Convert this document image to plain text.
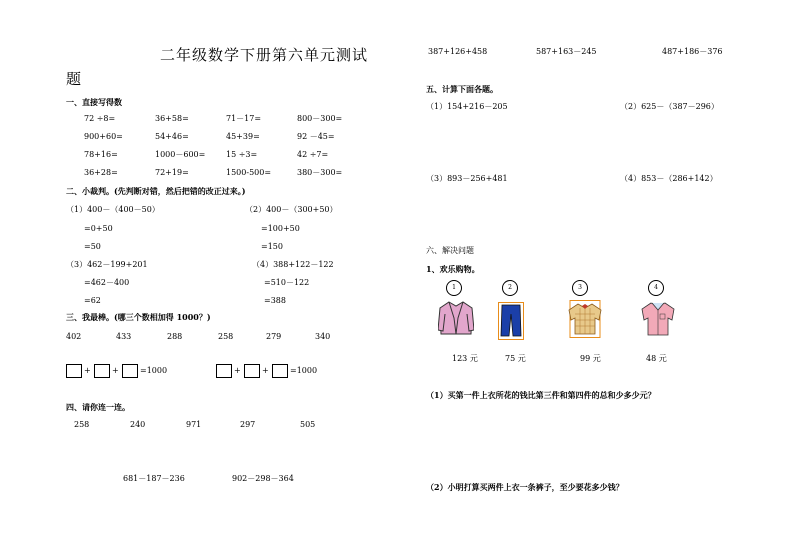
二年级数学下册第六单元测试
题
一、直接写得数
72 ÷8=	36+58=	71－17=	800－300=
900+60=	54+46=	45+39=	92 －45=
78+16=	1000－600=	15 ÷3=	42 ÷7=
36+28=	72+19=	1500-500=	380－300=
二、小裁判。(先判断对错，然后把错的改正过来。)
（1）400－（400－50）
=0+50
=50
（2）400－（300+50）
=100+50
=150
（3）462－199+201
=462－400
=62
（4）388+122－122
=510－122
=388
三、我最棒。(哪三个数相加得 1000？)
402	433	288	258	279	340
+	+	=1000	+	+	=1000
四、请你连一连。
258	240	971	297	505
681－187－236	902－298－364
387+126+458	587+163－245	487+186－376
五、计算下面各题。
（1）154+216－205	（2）625－（387－296）
（3）893－256+481	（4）853－（286+142）
六、解决问题
1、欢乐购物。
1	2	3	4
123 元	75 元	99 元	48 元
（1）买第一件上衣所花的钱比第三件和第四件的总和少多少元？
（2）小明打算买两件上衣一条裤子，至少要花多少钱？
